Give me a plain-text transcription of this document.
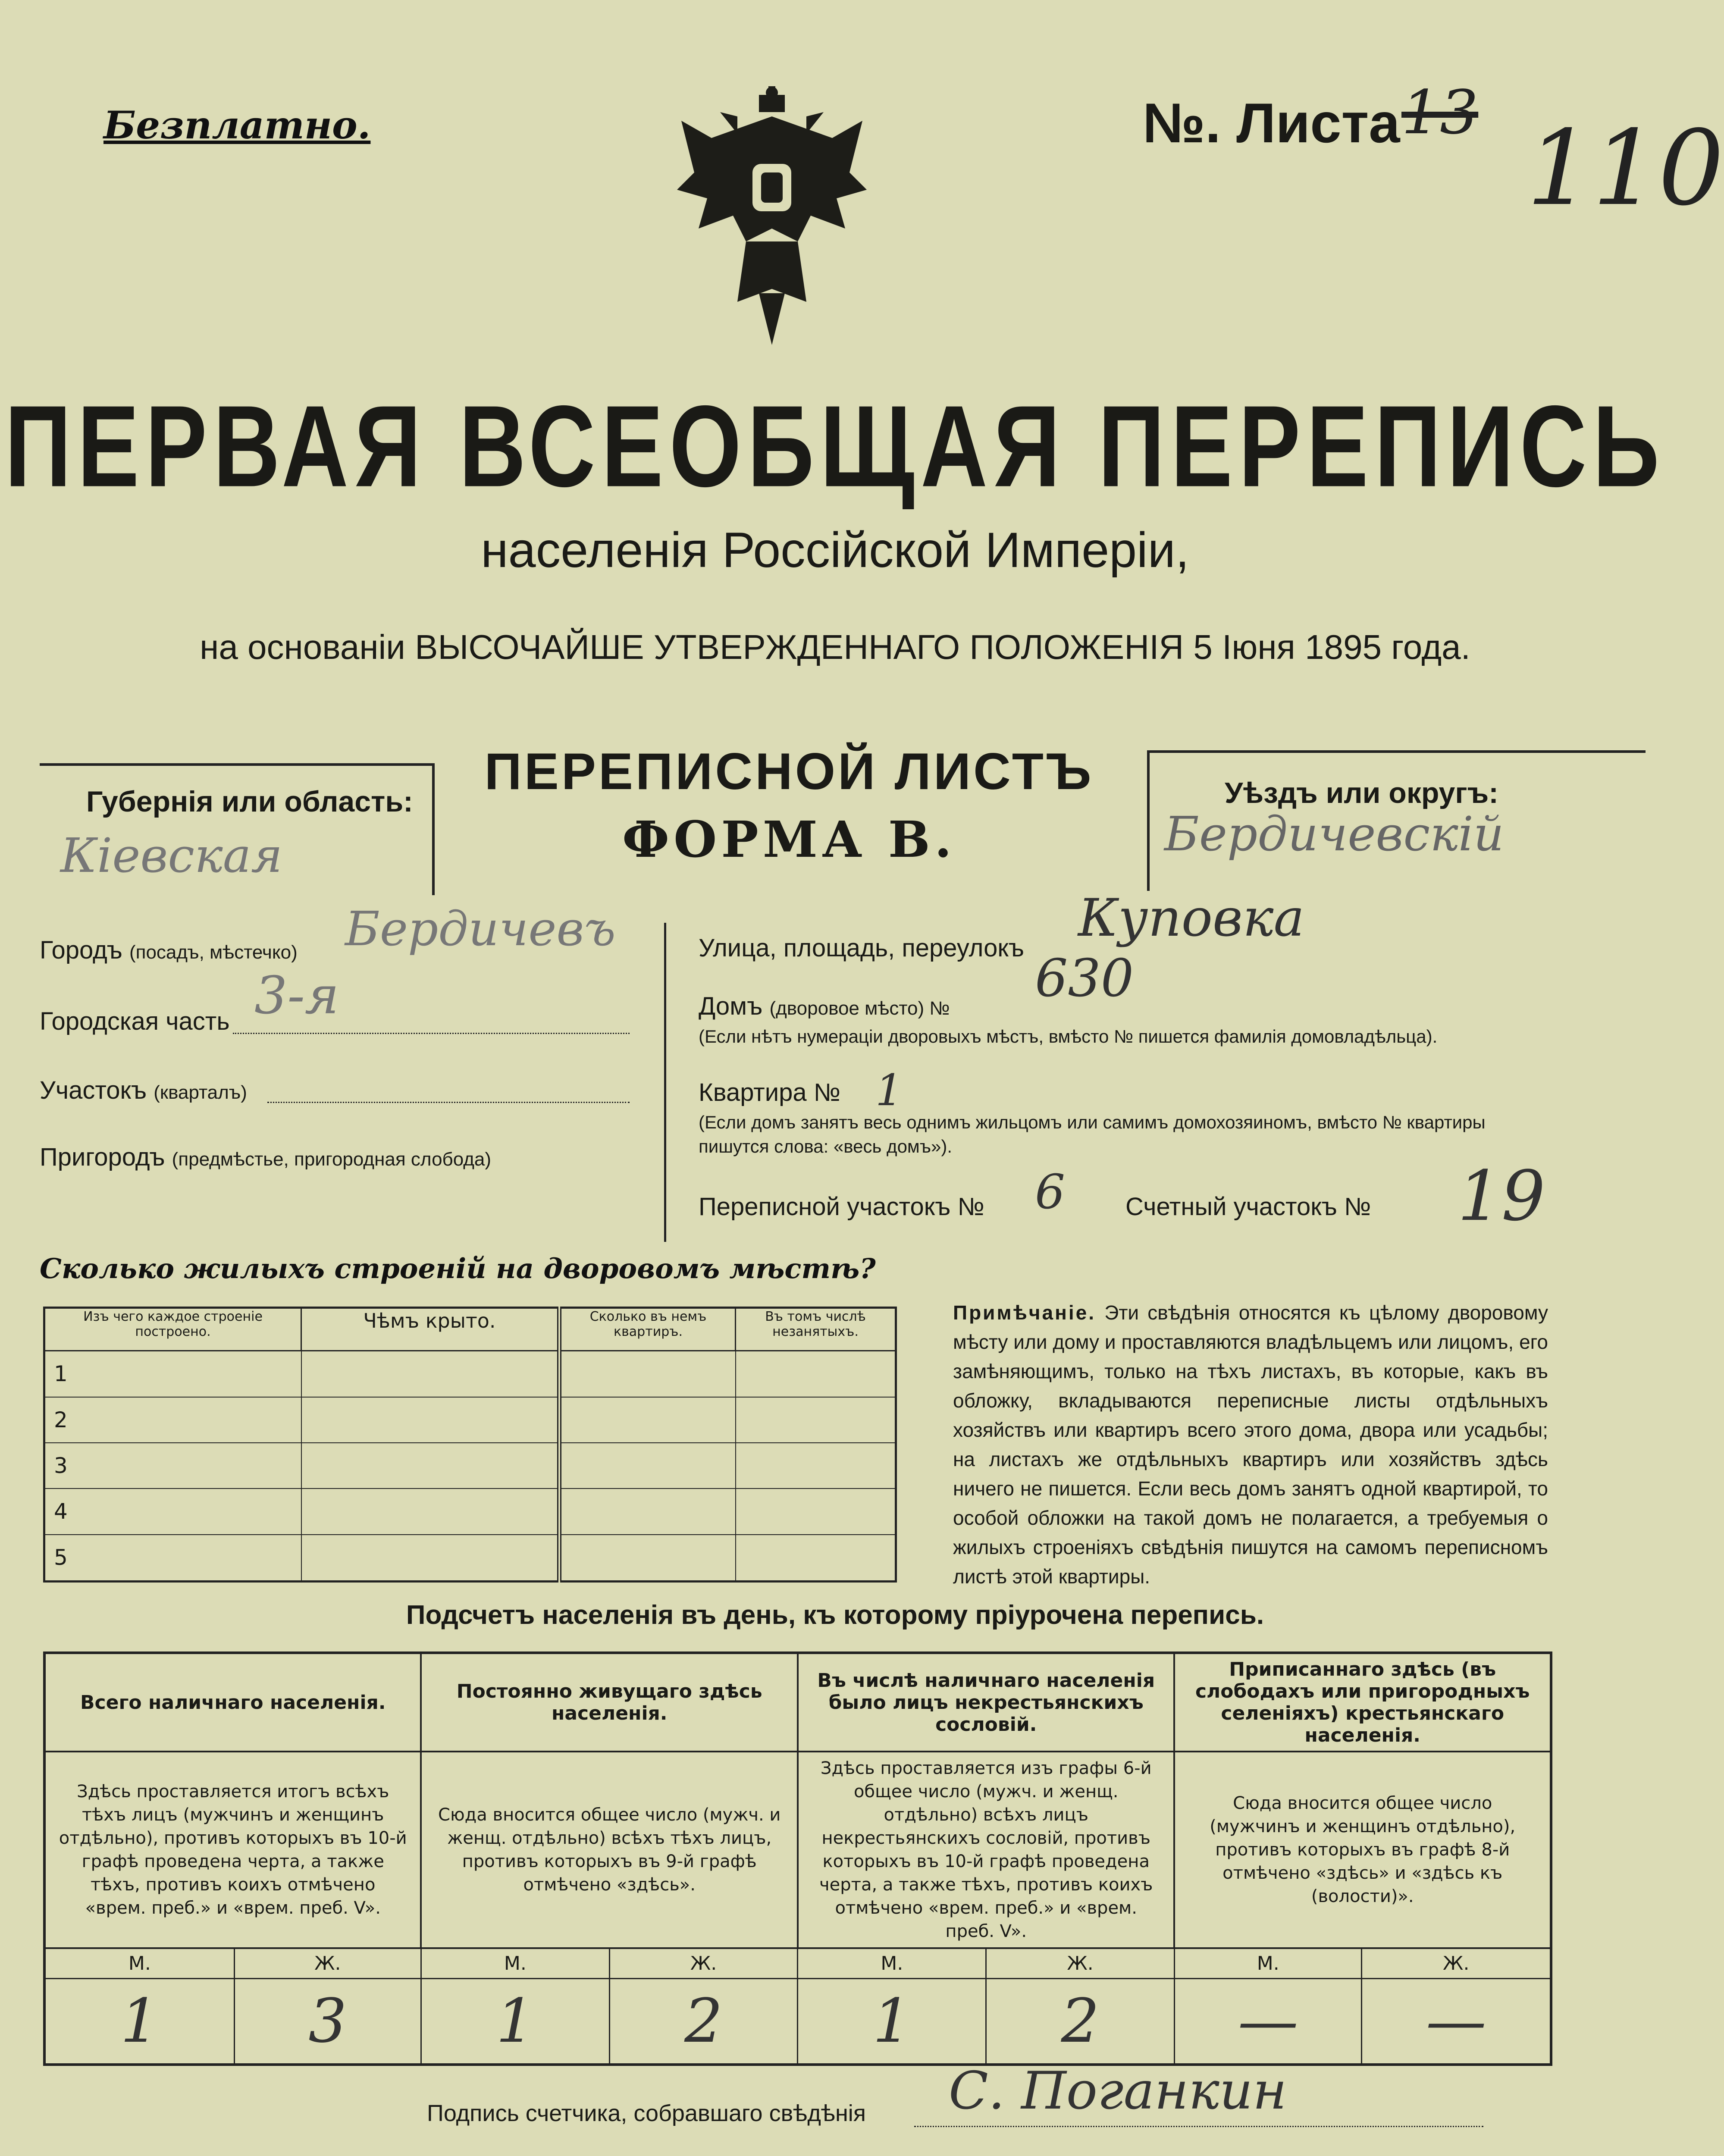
Безплатно.	№. Листа 13 110
ПЕРВАЯ ВСЕОБЩАЯ ПЕРЕПИСЬ
населенія Россійской Имперіи,
на основаніи ВЫСОЧАЙШЕ УТВЕРЖДЕННАГО ПОЛОЖЕНІЯ 5 Іюня 1895 года.
Губернія или область:
Кіевская
ПЕРЕПИСНОЙ ЛИСТЪ
ФОРМА В.
Уѣздъ или округъ:
Бердичевскій
Городъ (посадъ, мѣстечко) Бердичевъ
Городская часть 3-я
Участокъ (кварталъ)
Пригородъ (предмѣстье, пригородная слобода)
Улица, площадь, переулокъ Куповка
Домъ (дворовое мѣсто) № 630
(Если нѣтъ нумераціи дворовыхъ мѣстъ, вмѣсто № пишется фамилія домовладѣльца).
Квартира № 1
(Если домъ занятъ весь однимъ жильцомъ или самимъ домохозяиномъ, вмѣсто № квартиры пишутся слова: «весь домъ»).
Переписной участокъ № 6 Счетный участокъ № 19
Сколько жилыхъ строеній на дворовомъ мѣстѣ?
Изъ чего каждое строеніе построено.	Чѣмъ крыто.	Сколько въ немъ квартиръ.	Въ томъ числѣ незанятыхъ.
1			
2			
3			
4			
5			
Примѣчаніе. Эти свѣдѣнія относятся къ цѣлому дворовому мѣсту или дому и проставляются владѣльцемъ или лицомъ, его замѣняющимъ, только на тѣхъ листахъ, въ которые, какъ въ обложку, вкладываются переписные листы отдѣльныхъ хозяйствъ или квартиръ всего этого дома, двора или усадьбы; на листахъ же отдѣльныхъ квартиръ или хозяйствъ здѣсь ничего не пишется. Если весь домъ занятъ одной квартирой, то особой обложки на такой домъ не полагается, а требуемыя о жилыхъ строеніяхъ свѣдѣнія пишутся на самомъ переписномъ листѣ этой квартиры.
Подсчетъ населенія въ день, къ которому пріурочена перепись.
Всего наличнаго населенія.		Постоянно живущаго здѣсь населенія.		Въ числѣ наличнаго населенія было лицъ некрестьянскихъ сословій.		Приписаннаго здѣсь (въ слободахъ или пригородныхъ селеніяхъ) крестьянскаго населенія.	
Здѣсь проставляется итогъ всѣхъ тѣхъ лицъ (мужчинъ и женщинъ отдѣльно), противъ которыхъ въ 10-й графѣ проведена черта, а также тѣхъ, противъ коихъ отмѣчено «врем. преб.» и «врем. преб. V».		Сюда вносится общее число (мужч. и женщ. отдѣльно) всѣхъ тѣхъ лицъ, противъ которыхъ въ 9-й графѣ отмѣчено «здѣсь».		Здѣсь проставляется изъ графы 6-й общее число (мужч. и женщ. отдѣльно) всѣхъ лицъ некрестьянскихъ сословій, противъ которыхъ въ 10-й графѣ проведена черта, а также тѣхъ, противъ коихъ отмѣчено «врем. преб.» и «врем. преб. V».		Сюда вносится общее число (мужчинъ и женщинъ отдѣльно), противъ которыхъ въ графѣ 8-й отмѣчено «здѣсь» и «здѣсь къ (волости)».	
М.	Ж.	М.	Ж.	М.	Ж.	М.	Ж.
1	3	1	2	1	2	—	—
Подпись счетчика, собравшаго свѣдѣнія С. Поганкин
